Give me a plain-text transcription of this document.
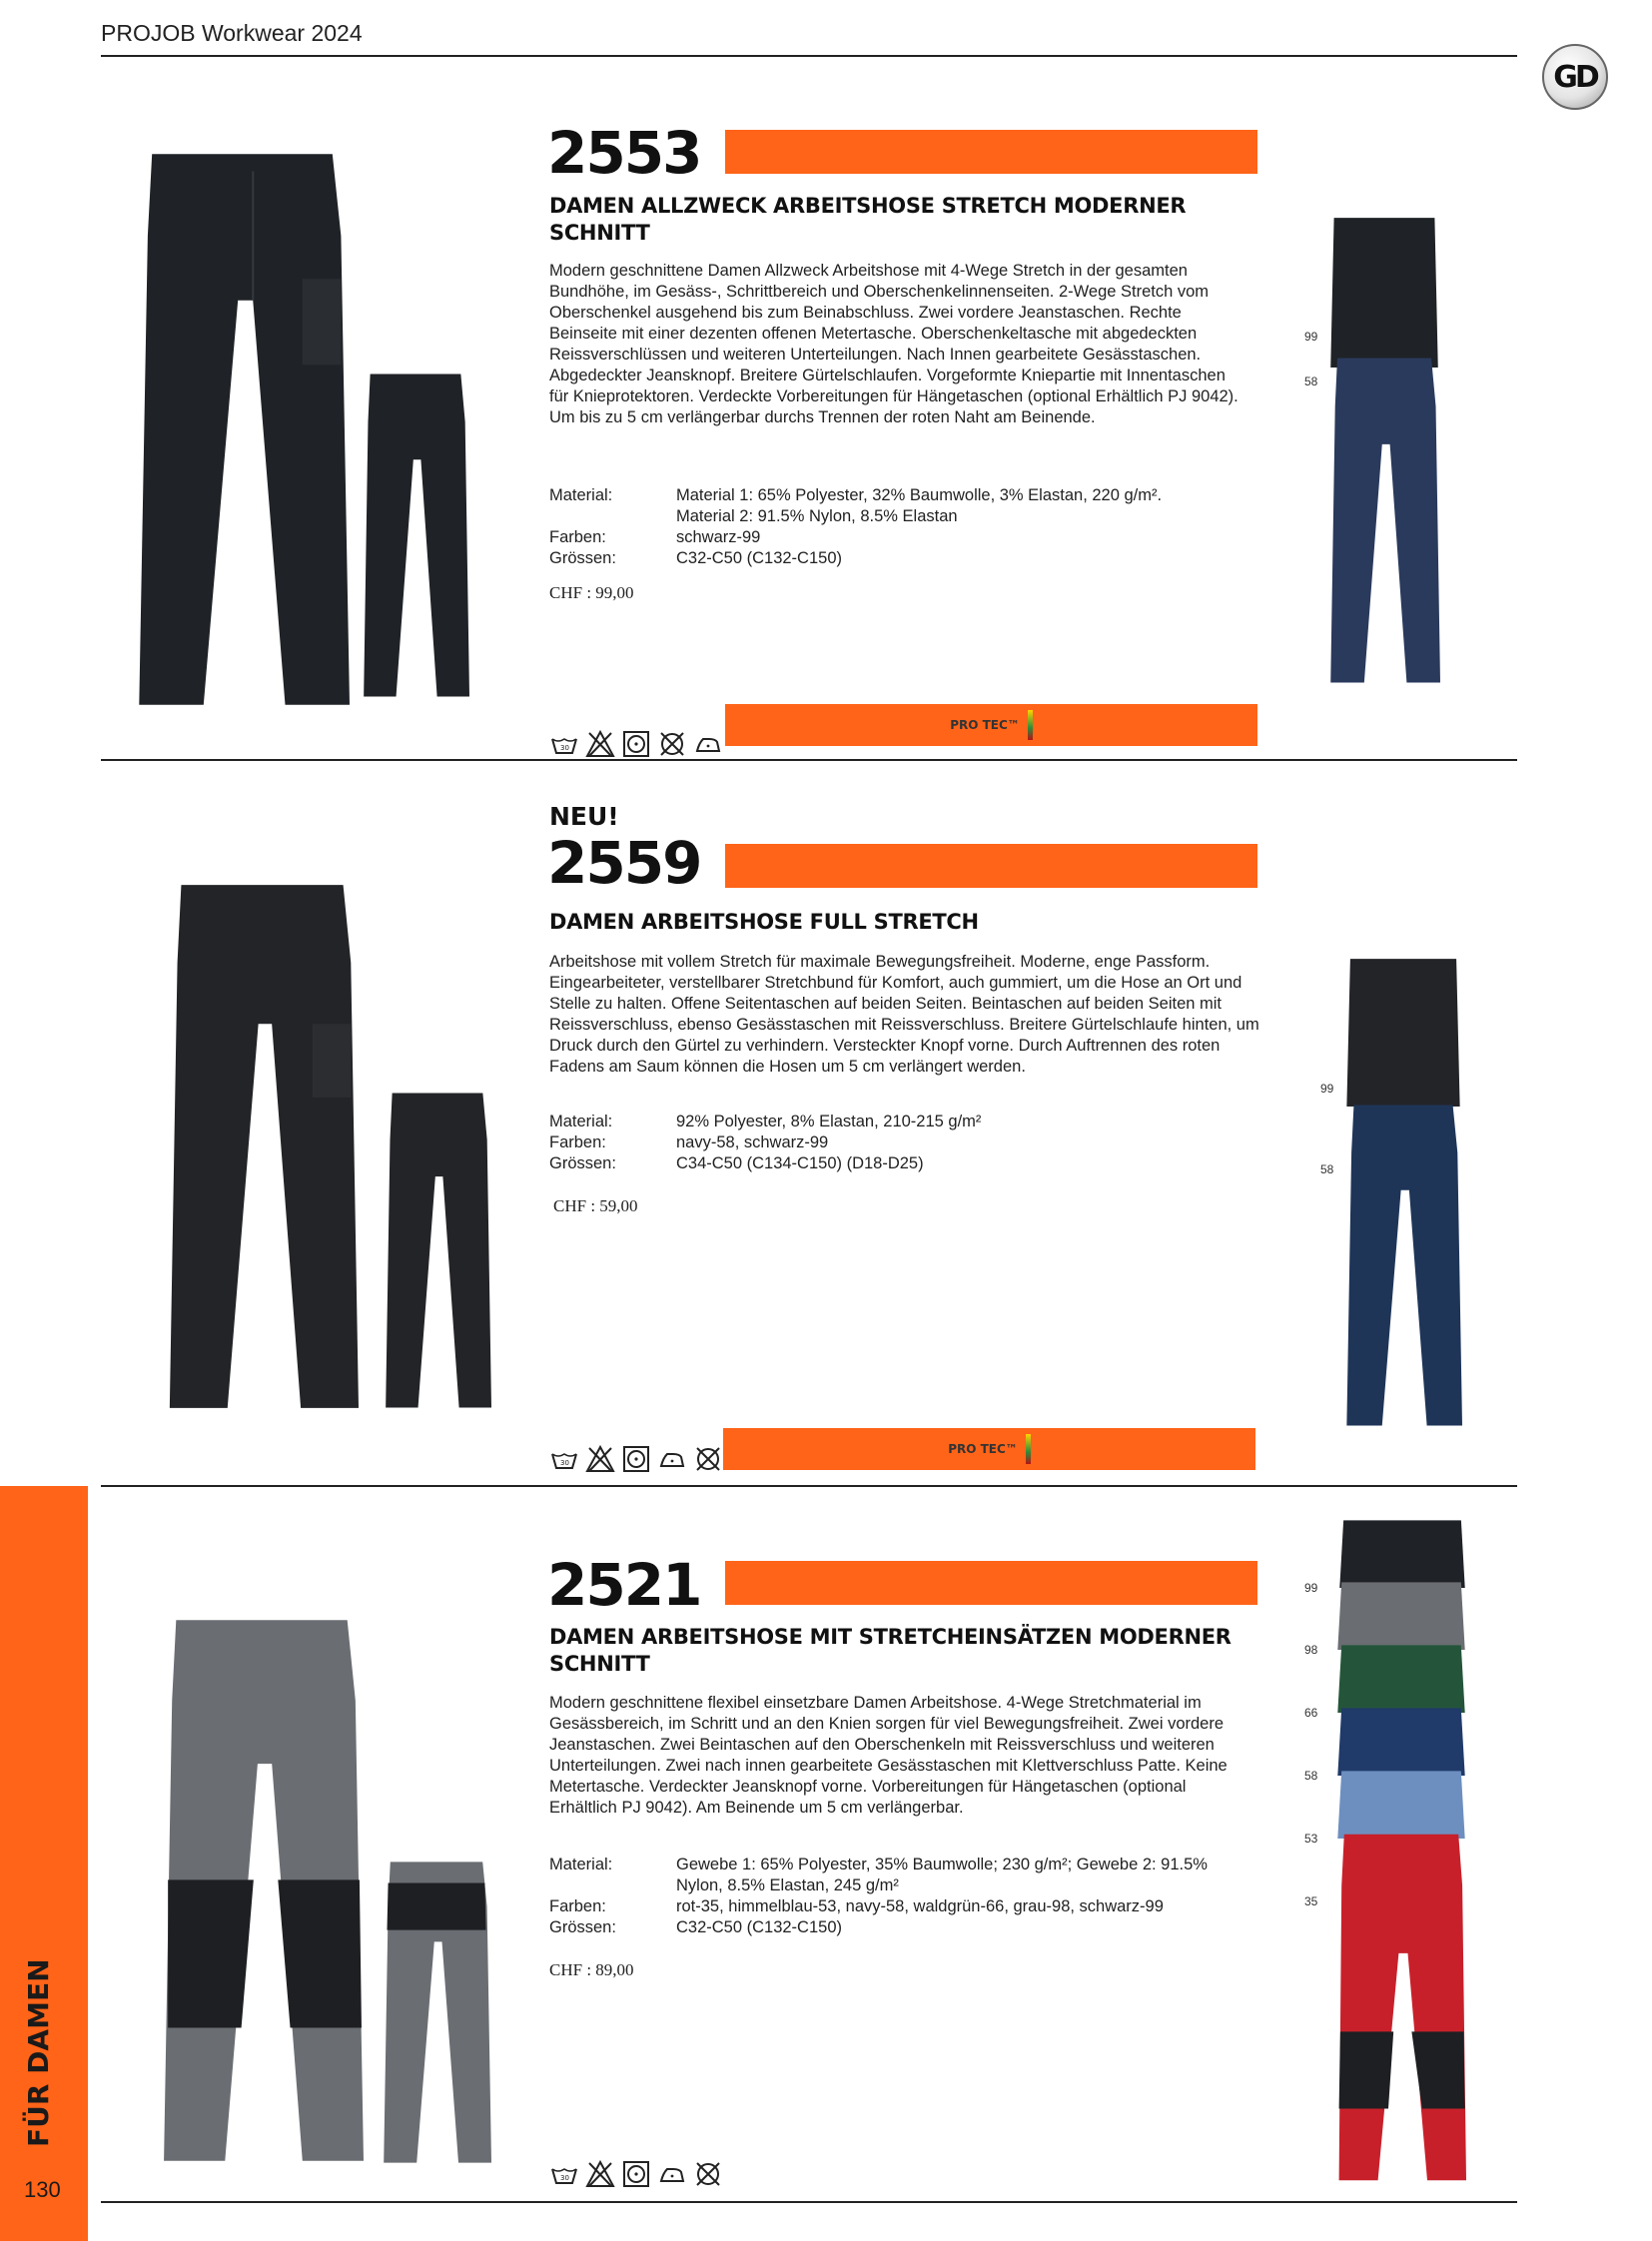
PROJOB Workwear 2024
GD
FÜR DAMEN
130
2553
DAMEN ALLZWECK ARBEITSHOSE STRETCH MODERNER SCHNITT
Modern geschnittene Damen Allzweck Arbeitshose mit 4-Wege Stretch in der gesamten Bundhöhe, im Gesäss-, Schrittbereich und Oberschenkelinnenseiten. 2-Wege Stretch vom Oberschenkel ausgehend bis zum Beinabschluss. Zwei vordere Jeanstaschen. Rechte Beinseite mit einer dezenten offenen Metertasche. Oberschenkeltasche mit abgedeckten Reissverschlüssen und weiteren Unterteilungen. Nach Innen gearbeitete Gesässtaschen. Abgedeckter Jeansknopf. Breitere Gürtelschlaufen. Vorgeformte Kniepartie mit Innentaschen für Knieprotektoren. Verdeckte Vorbereitungen für Hängetaschen (optional Erhältlich PJ 9042). Um bis zu 5 cm verlängerbar durchs Trennen der roten Naht am Beinende.
Material:	Material 1: 65% Polyester, 32% Baumwolle, 3% Elastan, 220 g/m².
Material 2: 91.5% Nylon, 8.5% Elastan
Farben:	schwarz-99
Grössen:	C32-C50 (C132-C150)
CHF : 99,00
30
PRO TEC™
99
58
NEU!
2559
DAMEN ARBEITSHOSE FULL STRETCH
Arbeitshose mit vollem Stretch für maximale Bewegungsfreiheit. Moderne, enge Passform. Eingearbeiteter, verstellbarer Stretchbund für Komfort, auch gummiert, um die Hose an Ort und Stelle zu halten. Offene Seitentaschen auf beiden Seiten. Beintaschen auf beiden Seiten mit Reissverschluss, ebenso Gesässtaschen mit Reissverschluss. Breitere Gürtelschlaufe hinten, um Druck durch den Gürtel zu verhindern. Versteckter Knopf vorne. Durch Auftrennen des roten Fadens am Saum können die Hosen um 5 cm verlängert werden.
Material:	92% Polyester, 8% Elastan, 210-215 g/m²
Farben:	navy-58, schwarz-99
Grössen:	C34-C50 (C134-C150) (D18-D25)
CHF : 59,00
30
PRO TEC™
99
58
2521
DAMEN ARBEITSHOSE MIT STRETCHEINSÄTZEN MODERNER SCHNITT
Modern geschnittene flexibel einsetzbare Damen Arbeitshose. 4-Wege Stretchmaterial im Gesässbereich, im Schritt und an den Knien sorgen für viel Bewegungsfreiheit. Zwei vordere Jeanstaschen. Zwei Beintaschen auf den Oberschenkeln mit Reissverschluss und weiteren Unterteilungen. Zwei nach innen gearbeitete Gesässtaschen mit Klettverschluss Patte. Keine Metertasche. Verdeckter Jeansknopf vorne. Vorbereitungen für Hängetaschen (optional Erhältlich PJ 9042). Am Beinende um 5 cm verlängerbar.
Material:	Gewebe 1: 65% Polyester, 35% Baumwolle; 230 g/m²; Gewebe 2: 91.5% Nylon, 8.5% Elastan, 245 g/m²
Farben:	rot-35, himmelblau-53, navy-58, waldgrün-66, grau-98, schwarz-99
Grössen:	C32-C50 (C132-C150)
CHF : 89,00
30
99
98
66
58
53
35
